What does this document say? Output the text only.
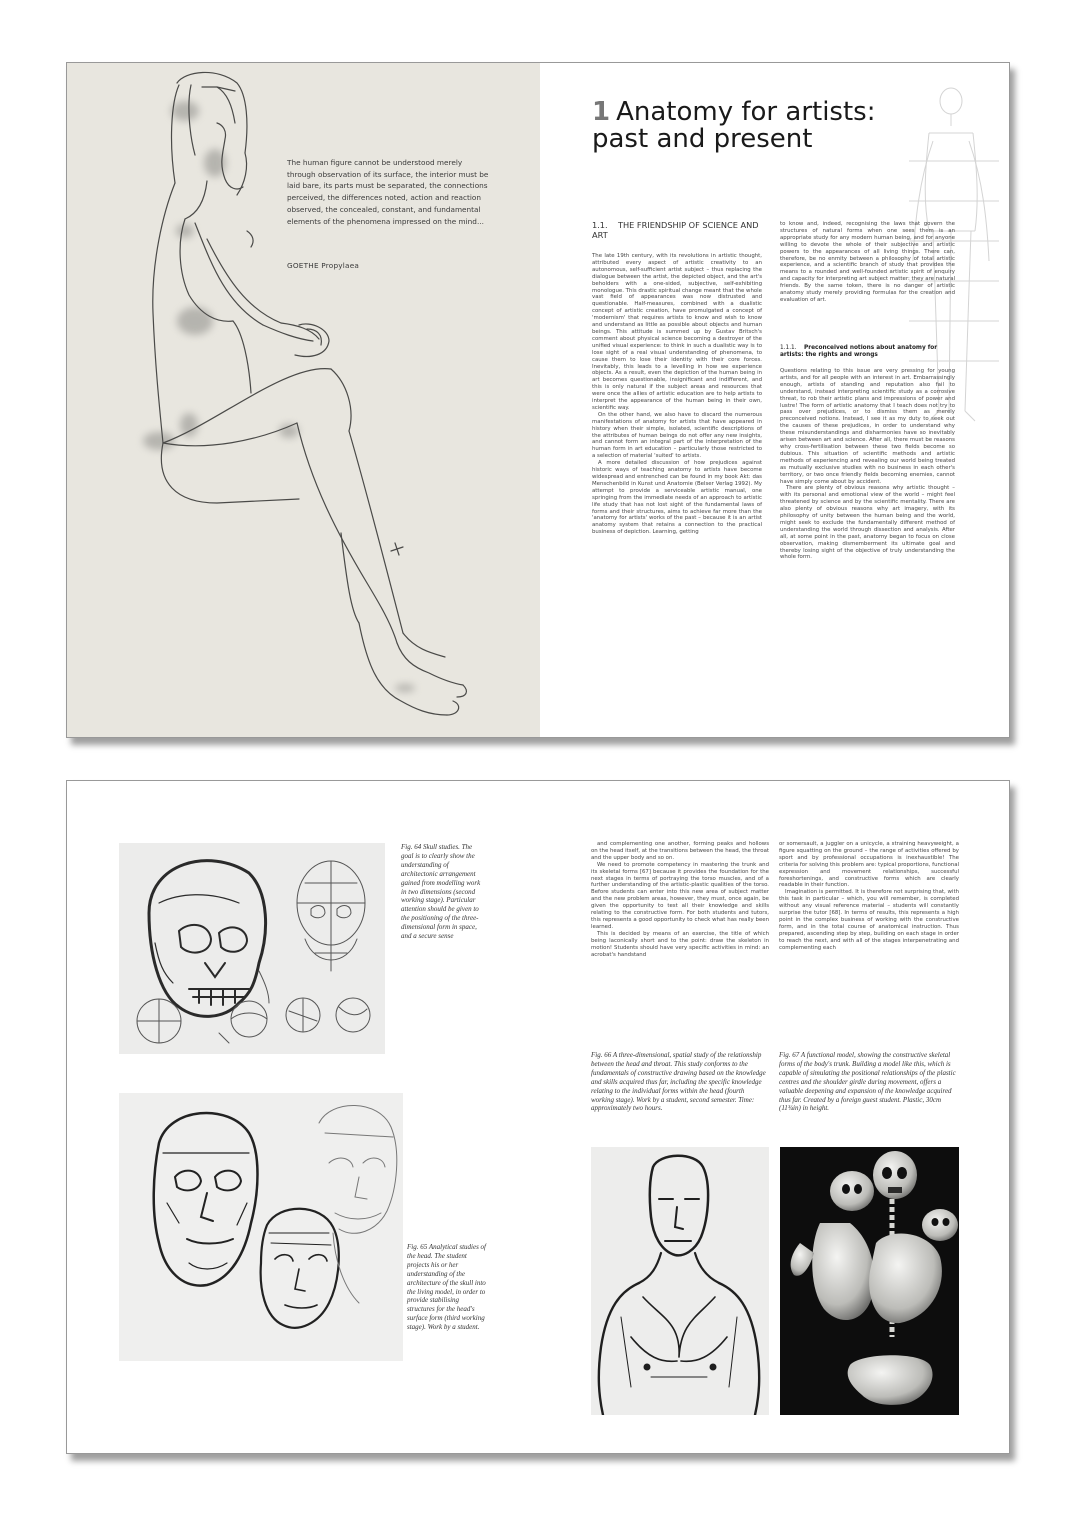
The human figure cannot be understood merely through observation of its surface, the interior must be laid bare, its parts must be separated, the connections perceived, the differences noted, action and reaction observed, the concealed, constant, and fundamental elements of the phenomena impressed on the mind...
GOETHE Propylaea
1 Anatomy for artists: past and present
1.1. THE FRIENDSHIP OF SCIENCE AND ART

The late 19th century, with its revolutions in artistic thought, attributed every aspect of artistic creativity to an autonomous, self-sufficient artist subject – thus replacing the dialogue between the artist, the depicted object, and the art's beholders with a one-sided, subjective, self-exhibiting monologue. This drastic spiritual change meant that the whole vast field of appearances was now distrusted and questionable. Half-measures, combined with a dualistic concept of artistic creation, have promulgated a concept of 'modernism' that requires artists to know and wish to know and understand as little as possible about objects and human beings. This attitude is summed up by Gustav Britsch's comment about physical science becoming a destroyer of the unified visual experience: to think in such a dualistic way is to lose sight of a real visual understanding of phenomena, to cause them to lose their identity with their core forces. Inevitably, this leads to a levelling in how we experience objects. As a result, even the depiction of the human being in art becomes questionable, insignificant and indifferent, and this is only natural if the subject areas and resources that were once the allies of artistic education are to help artists to interpret the appearance of the human being in their own, scientific way.

On the other hand, we also have to discard the numerous manifestations of anatomy for artists that have appeared in history when their simple, isolated, scientific descriptions of the attributes of human beings do not offer any new insights, and cannot form an integral part of the interpretation of the human form in art education – particularly those restricted to a selection of material 'suited' to artists.

A more detailed discussion of how prejudices against historic ways of teaching anatomy to artists have become widespread and entrenched can be found in my book Akt: das Menschenbild in Kunst und Anatomie (Belser Verlag 1992). My attempt to provide a serviceable artistic manual, one springing from the immediate needs of an approach to artistic life study that has not lost sight of the fundamental laws of forms and their structures, aims to achieve far more than the 'anatomy for artists' works of the past – because it is an artist anatomy system that retains a connection to the practical business of depiction. Learning, getting

to know and, indeed, recognising the laws that govern the structures of natural forms when one sees them is an appropriate study for any modern human being, and for anyone willing to devote the whole of their subjective and artistic powers to the appearances of all living things. There can, therefore, be no enmity between a philosophy of total artistic experience, and a scientific branch of study that provides the means to a rounded and well-founded artistic spirit of enquiry and capacity for interpreting art subject matter: they are natural friends. By the same token, there is no danger of artistic anatomy study merely providing formulas for the creation and evaluation of art.

1.1.1. Preconceived notions about anatomy for artists: the rights and wrongs

Questions relating to this issue are very pressing for young artists, and for all people with an interest in art. Embarrassingly enough, artists of standing and reputation also fail to understand, instead interpreting scientific study as a corrosive threat, to rob their artistic plans and impressions of power and lustre! The form of artistic anatomy that I teach does not try to pass over prejudices, or to dismiss them as merely preconceived notions. Instead, I see it as my duty to seek out the causes of these prejudices, in order to understand why these misunderstandings and disharmonies have so inevitably arisen between art and science. After all, there must be reasons why cross-fertilisation between these two fields become so dubious. This situation of scientific methods and artistic methods of experiencing and revealing our world being treated as mutually exclusive studies with no business in each other's territory, or two once friendly fields becoming enemies, cannot have simply come about by accident.

There are plenty of obvious reasons why artistic thought – with its personal and emotional view of the world – might feel threatened by science and by the scientific mentality. There are also plenty of obvious reasons why art imagery, with its philosophy of unity between the human being and the world, might seek to exclude the fundamentally different method of understanding the world through dissection and analysis. After all, at some point in the past, anatomy began to focus on close observation, making dismemberment its ultimate goal and thereby losing sight of the objective of truly understanding the whole form.

Fig. 64 Skull studies. The goal is to clearly show the understanding of architectonic arrangement gained from modelling work in two dimensions (second working stage). Particular attention should be given to the positioning of the three-dimensional form in space, and a secure sense
Fig. 65 Analytical studies of the head. The student projects his or her understanding of the architecture of the skull into the living model, in order to provide stabilising structures for the head's surface form (third working stage). Work by a student.

and complementing one another, forming peaks and hollows on the head itself, at the transitions between the head, the throat and the upper body and so on.

We need to promote competency in mastering the trunk and its skeletal forms [67] because it provides the foundation for the next stages in terms of portraying the torso muscles, and of a further understanding of the artistic-plastic qualities of the torso. Before students can enter into this new area of subject matter and the new problem areas, however, they must, once again, be given the opportunity to test all their knowledge and skills relating to the constructive form. For both students and tutors, this represents a good opportunity to check what has really been learned.

This is decided by means of an exercise, the title of which being laconically short and to the point: draw the skeleton in motion! Students should have very specific activities in mind: an acrobat's handstand

or somersault, a juggler on a unicycle, a straining heavyweight, a figure squatting on the ground – the range of activities offered by sport and by professional occupations is inexhaustible! The criteria for solving this problem are: typical proportions, functional expression and movement relationships, successful foreshortenings, and constructive forms which are clearly readable in their function.

Imagination is permitted. It is therefore not surprising that, with this task in particular – which, you will remember, is completed without any visual reference material – students will constantly surprise the tutor [68]. In terms of results, this represents a high point in the complex business of working with the constructive form, and in the total course of anatomical instruction. Thus prepared, ascending step by step, building on each stage in order to reach the next, and with all of the stages interpenetrating and complementing each

Fig. 66 A three-dimensional, spatial study of the relationship between the head and throat. This study conforms to the fundamentals of constructive drawing based on the knowledge and skills acquired thus far, including the specific knowledge relating to the individual forms within the head (fourth working stage). Work by a student, second semester. Time: approximately two hours.
Fig. 67 A functional model, showing the constructive skeletal forms of the body's trunk. Building a model like this, which is capable of simulating the positional relationships of the plastic centres and the shoulder girdle during movement, offers a valuable deepening and expansion of the knowledge acquired thus far. Created by a foreign guest student. Plastic, 30cm (11¾in) in height.
